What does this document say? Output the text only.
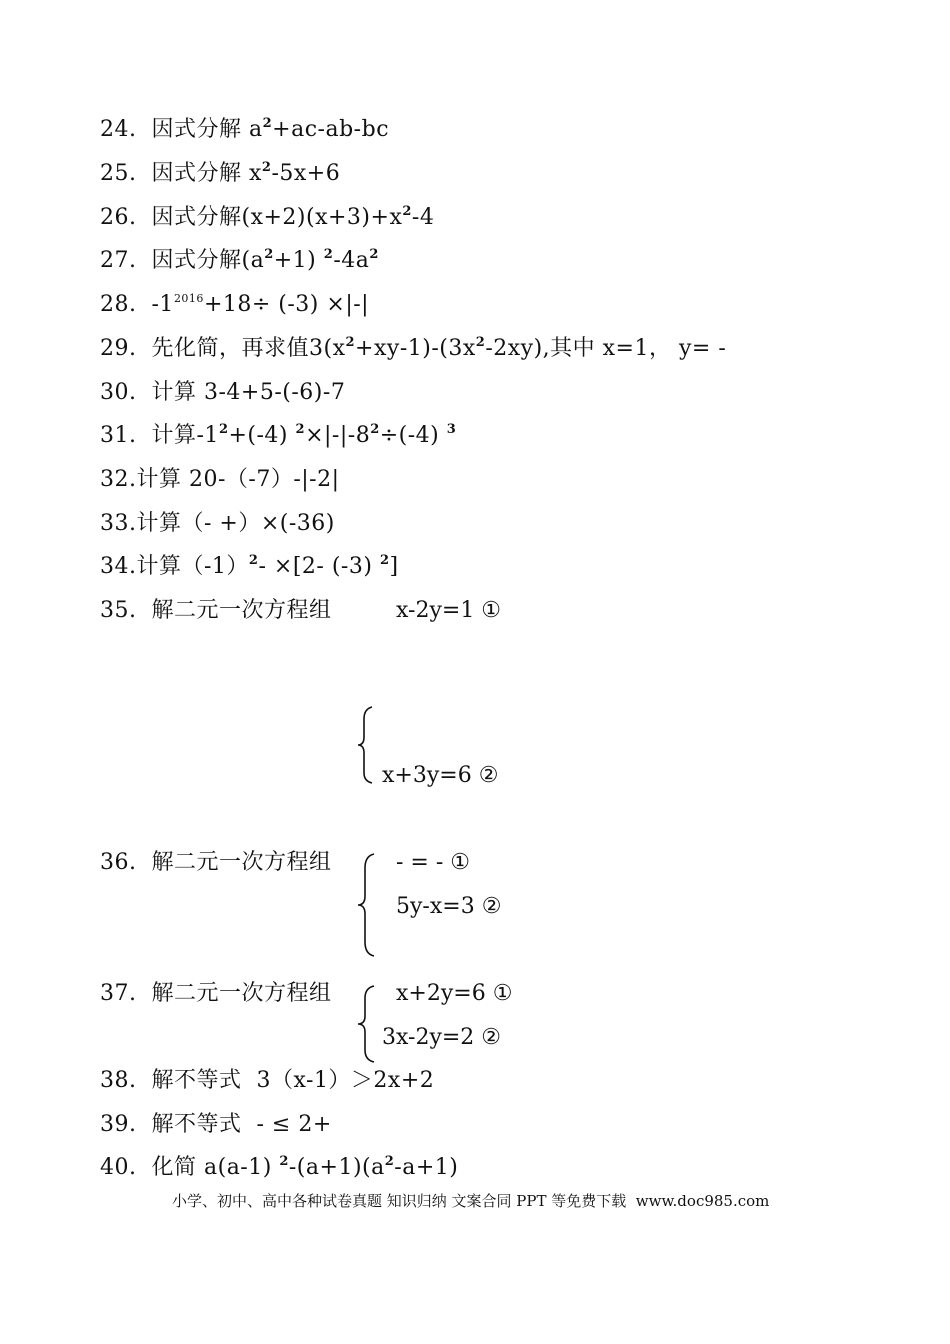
24. 因式分解 $a^2+ac-ab-bc$
25. 因式分解 $x^2-5x+6$
26. 因式分解$(x+2)(x+3)+x^2-4$
27. 因式分解$(a^2+1)$ $^2-4a^2$
28. $-1^{2016}+18\div (-3)$ ×|-|
29. 先化简，再求值$3(x^2+xy-1)-(3x^2-2xy)$,其中 x=1， y= -
30. 计算 3-4+5-(-6)-7
31. 计算$-1^2+(-4)$ $^2\times|-|-8^2\div(-4)$ $^3$
32.计算 20-（-7）-|-2|
33.计算（- +）×(-36)
34.计算$(-1)^2- \times[2-$ (-3) $^2$]
35. 解二元一次方程组	x-2y=1 ①
x+3y=6 ②
36. 解二元一次方程组	- = - ①
5y-x=3 ②
37. 解二元一次方程组	x+2y=6 ①
3x-2y=2 ②
38. 解不等式  3（x-1）＞2x+2
39. 解不等式  - ≤ 2+
40. 化简 a(a-1) $^2-(a+1)(a^2-a+1)$
小学、初中、高中各种试卷真题 知识归纳 文案合同 PPT 等免费下载  www.doc985.com
